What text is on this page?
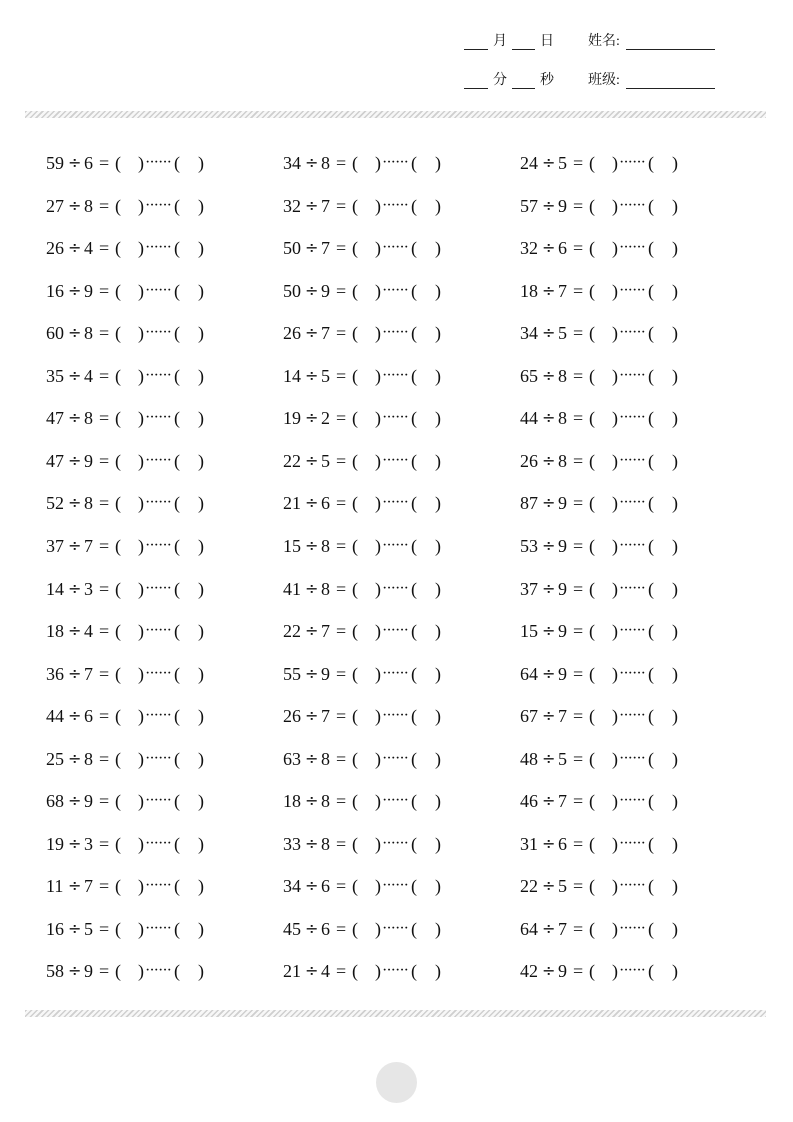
月 日 姓名:
分 秒 班级:
59 ÷ 6 = ( ) ······ ( )
27 ÷ 8 = ( ) ······ ( )
26 ÷ 4 = ( ) ······ ( )
16 ÷ 9 = ( ) ······ ( )
60 ÷ 8 = ( ) ······ ( )
35 ÷ 4 = ( ) ······ ( )
47 ÷ 8 = ( ) ······ ( )
47 ÷ 9 = ( ) ······ ( )
52 ÷ 8 = ( ) ······ ( )
37 ÷ 7 = ( ) ······ ( )
14 ÷ 3 = ( ) ······ ( )
18 ÷ 4 = ( ) ······ ( )
36 ÷ 7 = ( ) ······ ( )
44 ÷ 6 = ( ) ······ ( )
25 ÷ 8 = ( ) ······ ( )
68 ÷ 9 = ( ) ······ ( )
19 ÷ 3 = ( ) ······ ( )
11 ÷ 7 = ( ) ······ ( )
16 ÷ 5 = ( ) ······ ( )
58 ÷ 9 = ( ) ······ ( )
34 ÷ 8 = ( ) ······ ( )
32 ÷ 7 = ( ) ······ ( )
50 ÷ 7 = ( ) ······ ( )
50 ÷ 9 = ( ) ······ ( )
26 ÷ 7 = ( ) ······ ( )
14 ÷ 5 = ( ) ······ ( )
19 ÷ 2 = ( ) ······ ( )
22 ÷ 5 = ( ) ······ ( )
21 ÷ 6 = ( ) ······ ( )
15 ÷ 8 = ( ) ······ ( )
41 ÷ 8 = ( ) ······ ( )
22 ÷ 7 = ( ) ······ ( )
55 ÷ 9 = ( ) ······ ( )
26 ÷ 7 = ( ) ······ ( )
63 ÷ 8 = ( ) ······ ( )
18 ÷ 8 = ( ) ······ ( )
33 ÷ 8 = ( ) ······ ( )
34 ÷ 6 = ( ) ······ ( )
45 ÷ 6 = ( ) ······ ( )
21 ÷ 4 = ( ) ······ ( )
24 ÷ 5 = ( ) ······ ( )
57 ÷ 9 = ( ) ······ ( )
32 ÷ 6 = ( ) ······ ( )
18 ÷ 7 = ( ) ······ ( )
34 ÷ 5 = ( ) ······ ( )
65 ÷ 8 = ( ) ······ ( )
44 ÷ 8 = ( ) ······ ( )
26 ÷ 8 = ( ) ······ ( )
87 ÷ 9 = ( ) ······ ( )
53 ÷ 9 = ( ) ······ ( )
37 ÷ 9 = ( ) ······ ( )
15 ÷ 9 = ( ) ······ ( )
64 ÷ 9 = ( ) ······ ( )
67 ÷ 7 = ( ) ······ ( )
48 ÷ 5 = ( ) ······ ( )
46 ÷ 7 = ( ) ······ ( )
31 ÷ 6 = ( ) ······ ( )
22 ÷ 5 = ( ) ······ ( )
64 ÷ 7 = ( ) ······ ( )
42 ÷ 9 = ( ) ······ ( )
